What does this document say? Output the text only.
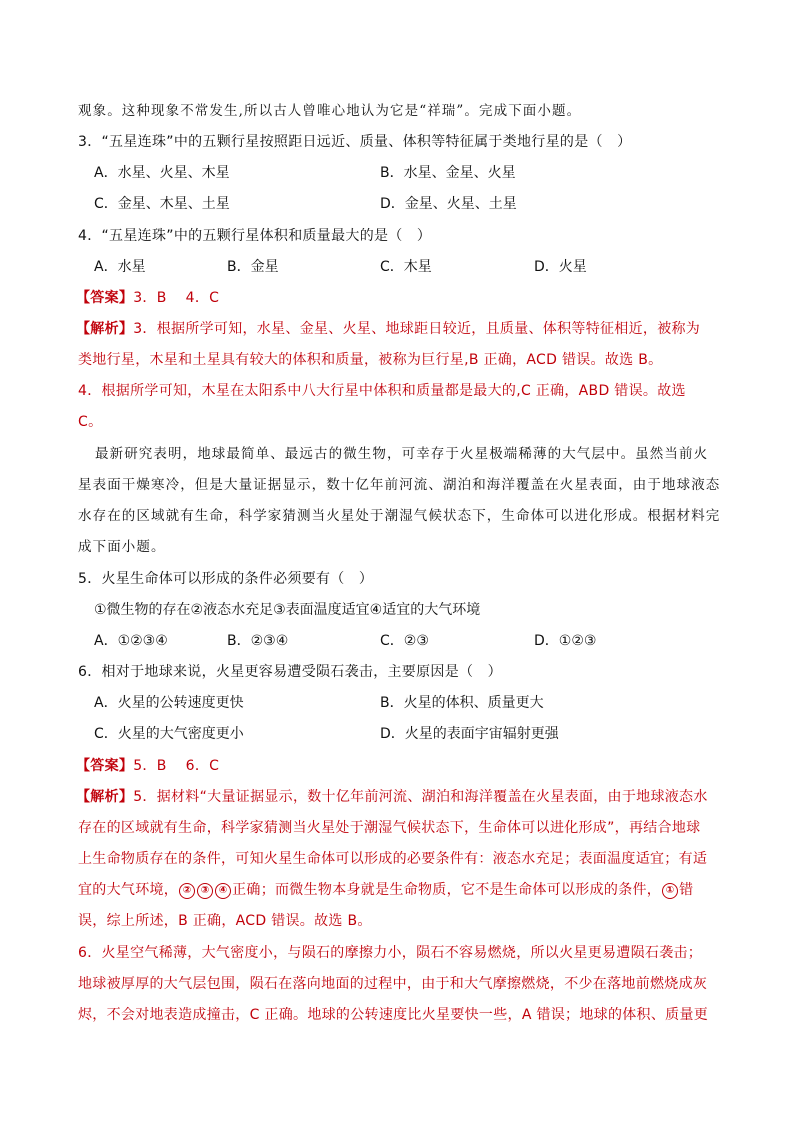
观象。这种现象不常发生,所以古人曾唯心地认为它是“祥瑞”。完成下面小题。
3．“五星连珠”中的五颗行星按照距日远近、质量、体积等特征属于类地行星的是（　）
A．水星、火星、木星	B．水星、金星、火星
C．金星、木星、土星	D．金星、火星、土星
4．“五星连珠”中的五颗行星体积和质量最大的是（　）
A．水星	B．金星	C．木星	D．火星
【答案】3．B　 4．C
【解析】3．根据所学可知，水星、金星、火星、地球距日较近，且质量、体积等特征相近，被称为
类地行星，木星和土星具有较大的体积和质量，被称为巨行星,B 正确，ACD 错误。故选 B。
4．根据所学可知，木星在太阳系中八大行星中体积和质量都是最大的,C 正确，ABD 错误。故选
C。
最新研究表明，地球最简单、最远古的微生物，可幸存于火星极端稀薄的大气层中。虽然当前火
星表面干燥寒冷，但是大量证据显示，数十亿年前河流、湖泊和海洋覆盖在火星表面，由于地球液态
水存在的区域就有生命，科学家猜测当火星处于潮湿气候状态下，生命体可以进化形成。根据材料完
成下面小题。
5．火星生命体可以形成的条件必须要有（　）
①微生物的存在②液态水充足③表面温度适宜④适宜的大气环境
A．①②③④	B．②③④	C．②③	D．①②③
6．相对于地球来说，火星更容易遭受陨石袭击，主要原因是（　）
A．火星的公转速度更快	B．火星的体积、质量更大
C．火星的大气密度更小	D．火星的表面宇宙辐射更强
【答案】5．B　 6．C
【解析】5．据材料“大量证据显示，数十亿年前河流、湖泊和海洋覆盖在火星表面，由于地球液态水
存在的区域就有生命，科学家猜测当火星处于潮湿气候状态下，生命体可以进化形成”，再结合地球
上生命物质存在的条件，可知火星生命体可以形成的必要条件有：液态水充足；表面温度适宜；有适
宜的大气环境， ② ③ ④ 正确；而微生物本身就是生命物质，它不是生命体可以形成的条件， ① 错
误，综上所述，B 正确，ACD 错误。故选 B。
6．火星空气稀薄，大气密度小，与陨石的摩擦力小，陨石不容易燃烧，所以火星更易遭陨石袭击；
地球被厚厚的大气层包围，陨石在落向地面的过程中，由于和大气摩擦燃烧，不少在落地前燃烧成灰
烬，不会对地表造成撞击，C 正确。地球的公转速度比火星要快一些，A 错误；地球的体积、质量更
